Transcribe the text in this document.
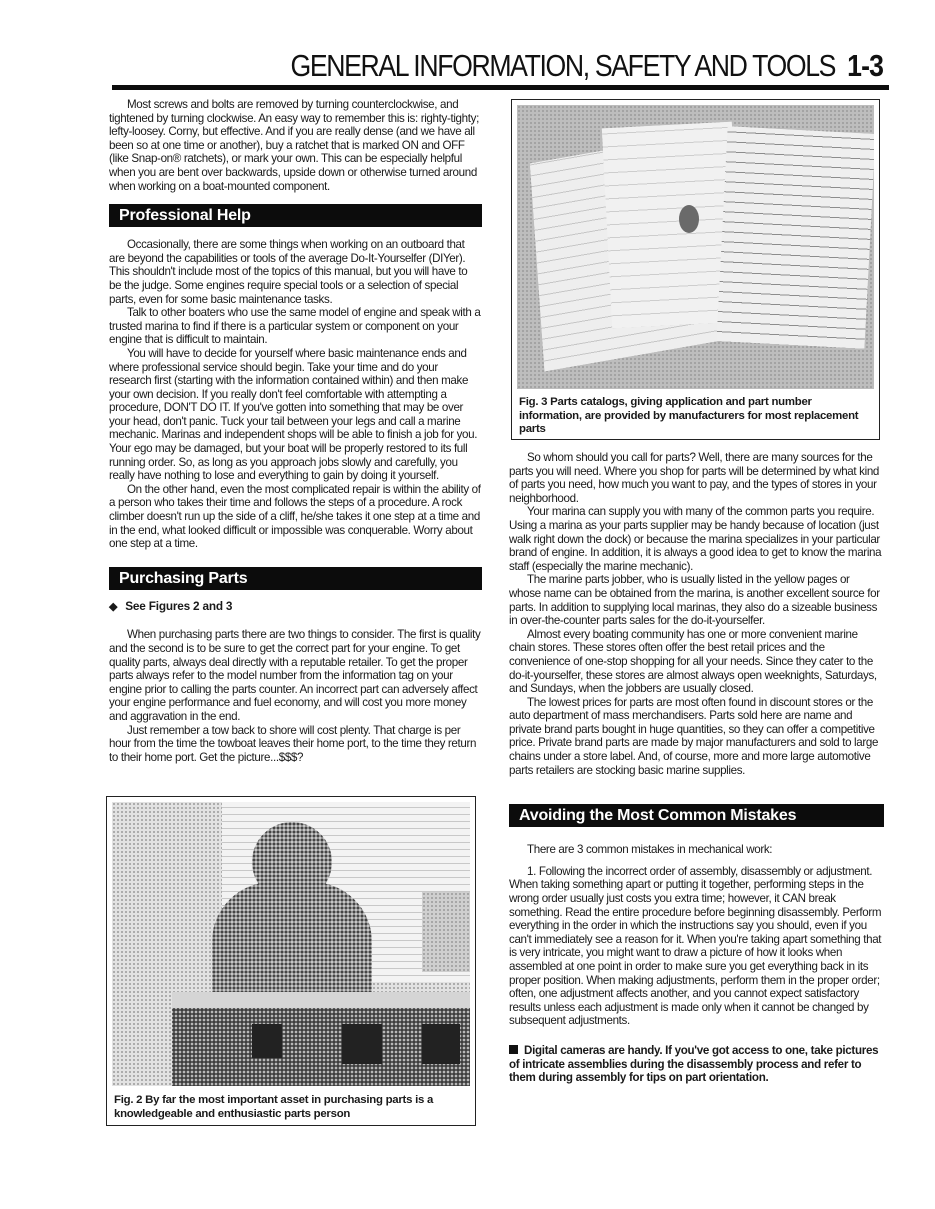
GENERAL INFORMATION, SAFETY AND TOOLS 1-3

Most screws and bolts are removed by turning counterclockwise, and tightened by turning clockwise. An easy way to remember this is: righty-tighty; lefty-loosey. Corny, but effective. And if you are really dense (and we have all been so at one time or another), buy a ratchet that is marked ON and OFF (like Snap-on® ratchets), or mark your own. This can be especially helpful when you are bent over backwards, upside down or otherwise turned around when working on a boat-mounted component.

Professional Help

Occasionally, there are some things when working on an outboard that are beyond the capabilities or tools of the average Do-It-Yourselfer (DIYer). This shouldn't include most of the topics of this manual, but you will have to be the judge. Some engines require special tools or a selection of special parts, even for some basic maintenance tasks.

Talk to other boaters who use the same model of engine and speak with a trusted marina to find if there is a particular system or component on your engine that is difficult to maintain.

You will have to decide for yourself where basic maintenance ends and where professional service should begin. Take your time and do your research first (starting with the information contained within) and then make your own decision. If you really don't feel comfortable with attempting a procedure, DON'T DO IT. If you've gotten into something that may be over your head, don't panic. Tuck your tail between your legs and call a marine mechanic. Marinas and independent shops will be able to finish a job for you. Your ego may be damaged, but your boat will be properly restored to its full running order. So, as long as you approach jobs slowly and carefully, you really have nothing to lose and everything to gain by doing it yourself.

On the other hand, even the most complicated repair is within the ability of a person who takes their time and follows the steps of a procedure. A rock climber doesn't run up the side of a cliff, he/she takes it one step at a time and in the end, what looked difficult or impossible was conquerable. Worry about one step at a time.

Purchasing Parts
◆ See Figures 2 and 3

When purchasing parts there are two things to consider. The first is quality and the second is to be sure to get the correct part for your engine. To get quality parts, always deal directly with a reputable retailer. To get the proper parts always refer to the model number from the information tag on your engine prior to calling the parts counter. An incorrect part can adversely affect your engine performance and fuel economy, and will cost you more money and aggravation in the end.

Just remember a tow back to shore will cost plenty. That charge is per hour from the time the towboat leaves their home port, to the time they return to their home port. Get the picture...$$$?

Fig. 2 By far the most important asset in purchasing parts is a knowledgeable and enthusiastic parts person
Fig. 3 Parts catalogs, giving application and part number information, are provided by manufacturers for most replacement parts

So whom should you call for parts? Well, there are many sources for the parts you will need. Where you shop for parts will be determined by what kind of parts you need, how much you want to pay, and the types of stores in your neighborhood.

Your marina can supply you with many of the common parts you require. Using a marina as your parts supplier may be handy because of location (just walk right down the dock) or because the marina specializes in your particular brand of engine. In addition, it is always a good idea to get to know the marina staff (especially the marine mechanic).

The marine parts jobber, who is usually listed in the yellow pages or whose name can be obtained from the marina, is another excellent source for parts. In addition to supplying local marinas, they also do a sizeable business in over-the-counter parts sales for the do-it-yourselfer.

Almost every boating community has one or more convenient marine chain stores. These stores often offer the best retail prices and the convenience of one-stop shopping for all your needs. Since they cater to the do-it-yourselfer, these stores are almost always open weeknights, Saturdays, and Sundays, when the jobbers are usually closed.

The lowest prices for parts are most often found in discount stores or the auto department of mass merchandisers. Parts sold here are name and private brand parts bought in huge quantities, so they can offer a competitive price. Private brand parts are made by major manufacturers and sold to large chains under a store label. And, of course, more and more large automotive parts retailers are stocking basic marine supplies.

Avoiding the Most Common Mistakes

There are 3 common mistakes in mechanical work:

1. Following the incorrect order of assembly, disassembly or adjustment. When taking something apart or putting it together, performing steps in the wrong order usually just costs you extra time; however, it CAN break something. Read the entire procedure before beginning disassembly. Perform everything in the order in which the instructions say you should, even if you can't immediately see a reason for it. When you're taking apart something that is very intricate, you might want to draw a picture of how it looks when assembled at one point in order to make sure you get everything back in its proper position. When making adjustments, perform them in the proper order; often, one adjustment affects another, and you cannot expect satisfactory results unless each adjustment is made only when it cannot be changed by subsequent adjustments.

Digital cameras are handy. If you've got access to one, take pictures of intricate assemblies during the disassembly process and refer to them during assembly for tips on part orientation.
